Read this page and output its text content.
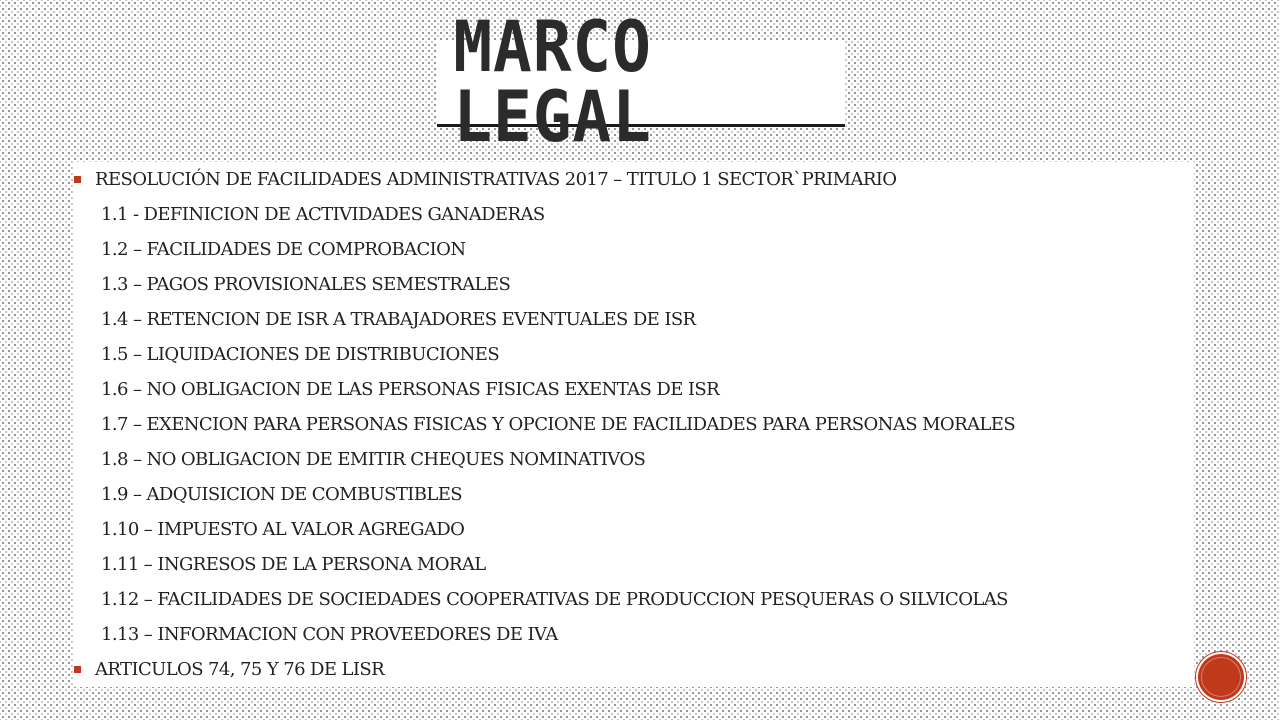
MARCO LEGAL
RESOLUCIÓN DE FACILIDADES ADMINISTRATIVAS 2017 – TITULO 1 SECTOR`PRIMARIO
1.1 - DEFINICION DE ACTIVIDADES GANADERAS
1.2 – FACILIDADES DE COMPROBACION
1.3 – PAGOS PROVISIONALES SEMESTRALES
1.4 – RETENCION DE ISR A TRABAJADORES EVENTUALES DE ISR
1.5 – LIQUIDACIONES DE DISTRIBUCIONES
1.6 – NO OBLIGACION DE LAS PERSONAS FISICAS EXENTAS DE ISR
1.7 – EXENCION PARA PERSONAS FISICAS Y OPCIONE DE FACILIDADES PARA PERSONAS MORALES
1.8 – NO OBLIGACION DE EMITIR CHEQUES NOMINATIVOS
1.9 – ADQUISICION DE COMBUSTIBLES
1.10 – IMPUESTO AL VALOR AGREGADO
1.11 – INGRESOS DE LA PERSONA MORAL
1.12 – FACILIDADES DE SOCIEDADES COOPERATIVAS DE PRODUCCION PESQUERAS O SILVICOLAS
1.13 – INFORMACION CON PROVEEDORES DE IVA
ARTICULOS 74, 75 Y 76 DE LISR
